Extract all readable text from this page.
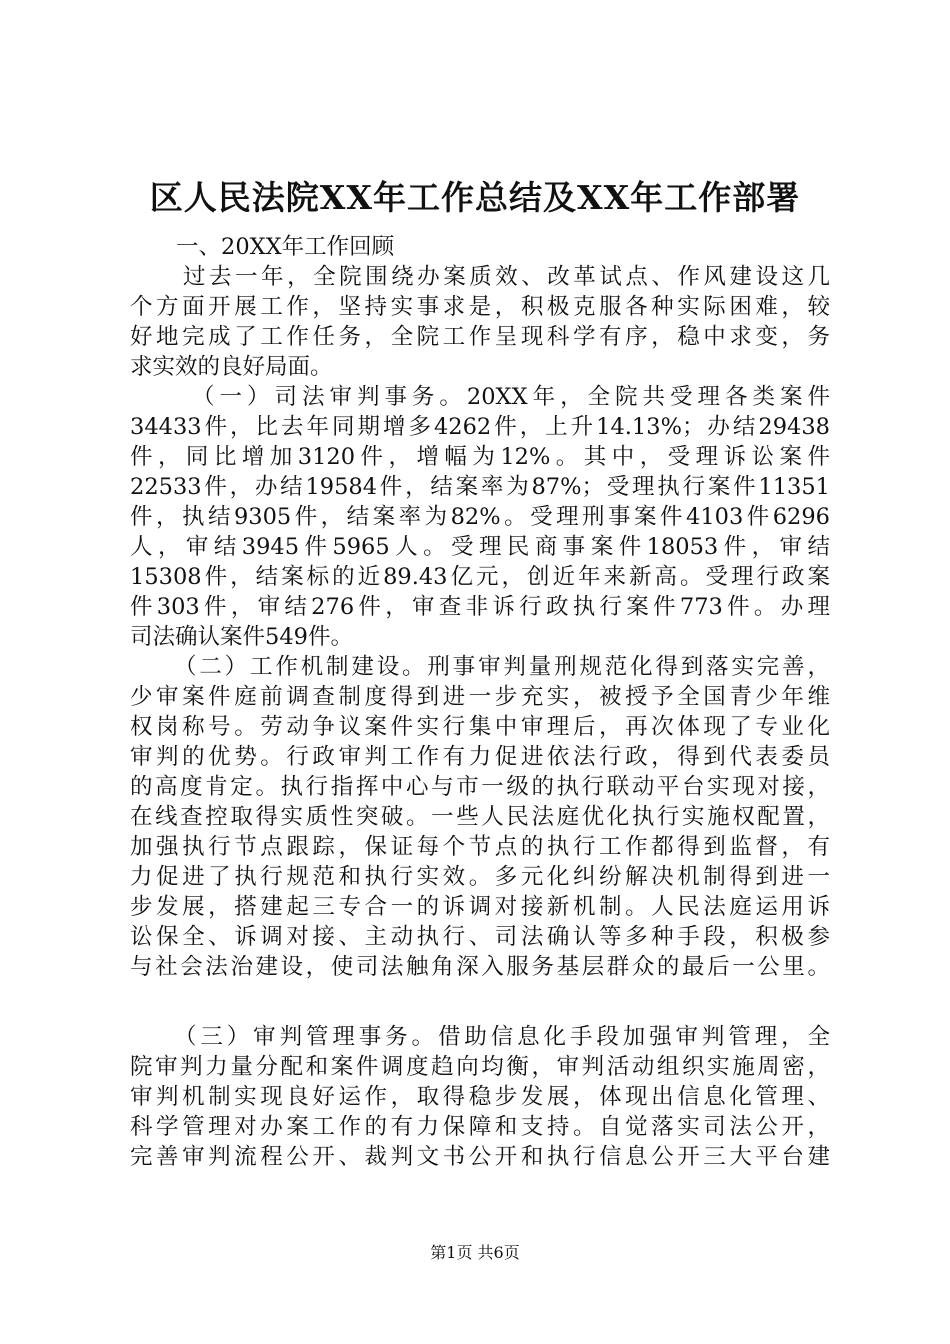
区人民法院XX年工作总结及XX年工作部署
一、20XX年工作回顾
过去一年，全院围绕办案质效、改革试点、作风建设这几
个方面开展工作，坚持实事求是，积极克服各种实际困难，较
好地完成了工作任务，全院工作呈现科学有序，稳中求变，务
求实效的良好局面。
（一）司法审判事务。20XX年，全院共受理各类案件
34433件，比去年同期增多4262件，上升14.13%；办结29438
件，同比增加3120件，增幅为12%。其中，受理诉讼案件
22533件，办结19584件，结案率为87%；受理执行案件11351
件，执结9305件，结案率为82%。受理刑事案件4103件6296
人，审结3945件5965人。受理民商事案件18053件，审结
15308件，结案标的近89.43亿元，创近年来新高。受理行政案
件303件，审结276件，审查非诉行政执行案件773件。办理
司法确认案件549件。
（二）工作机制建设。刑事审判量刑规范化得到落实完善，
少审案件庭前调查制度得到进一步充实，被授予全国青少年维
权岗称号。劳动争议案件实行集中审理后，再次体现了专业化
审判的优势。行政审判工作有力促进依法行政，得到代表委员
的高度肯定。执行指挥中心与市一级的执行联动平台实现对接，
在线查控取得实质性突破。一些人民法庭优化执行实施权配置，
加强执行节点跟踪，保证每个节点的执行工作都得到监督，有
力促进了执行规范和执行实效。多元化纠纷解决机制得到进一
步发展，搭建起三专合一的诉调对接新机制。人民法庭运用诉
讼保全、诉调对接、主动执行、司法确认等多种手段，积极参
与社会法治建设，使司法触角深入服务基层群众的最后一公里。
（三）审判管理事务。借助信息化手段加强审判管理，全
院审判力量分配和案件调度趋向均衡，审判活动组织实施周密，
审判机制实现良好运作，取得稳步发展，体现出信息化管理、
科学管理对办案工作的有力保障和支持。自觉落实司法公开，
完善审判流程公开、裁判文书公开和执行信息公开三大平台建
第1页 共6页
